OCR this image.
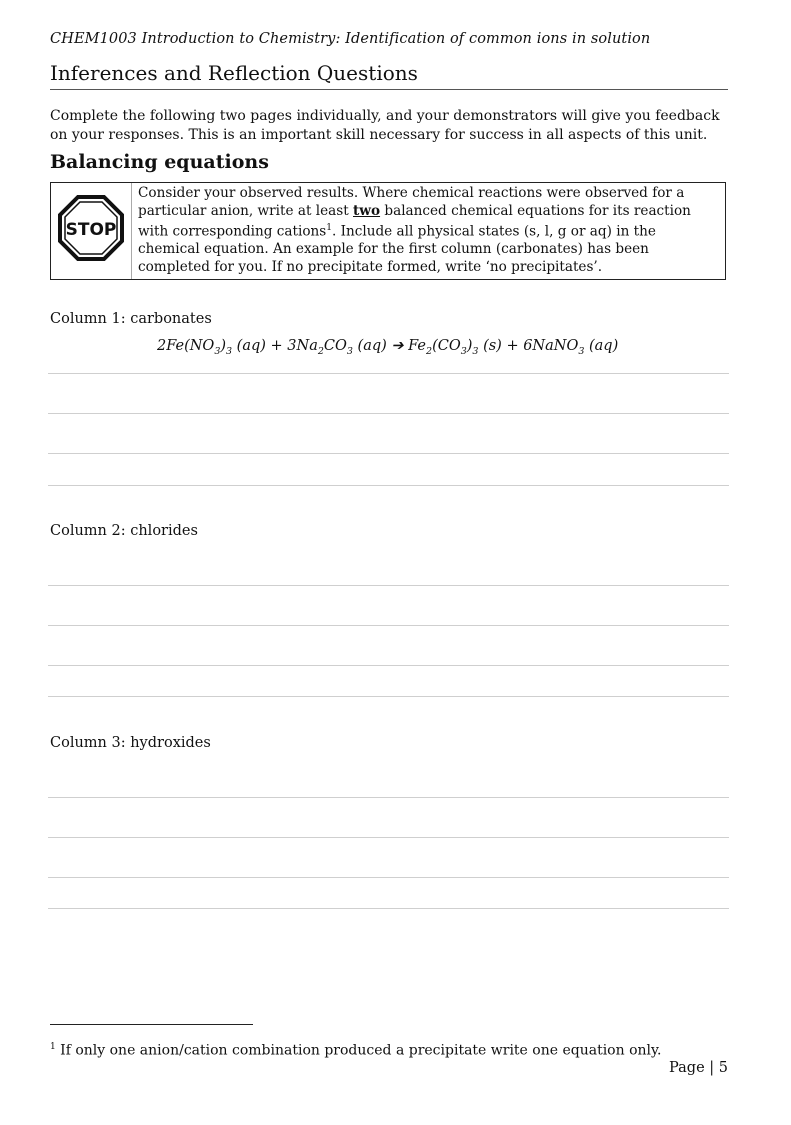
CHEM1003 Introduction to Chemistry: Identification of common ions in solution
Inferences and Reflection Questions
Complete the following two pages individually, and your demonstrators will give you feedback
on your responses. This is an important skill necessary for success in all aspects of this unit.
Balancing equations
STOP
Consider your observed results. Where chemical reactions were observed for a particular anion, write at least two balanced chemical equations for its reaction with corresponding cations$^1$. Include all physical states (s, l, g or aq) in the chemical equation. An example for the first column (carbonates) has been completed for you. If no precipitate formed, write ‘no precipitates’.
Column 1: carbonates
$2Fe(NO_3)_3$ $(aq) + 3Na_2CO_3$ (aq) ➔ $Fe_2(CO_3)_3$ (s) + 6NaNO$_3$ (aq)
Column 2: chlorides
Column 3: hydroxides
$^1$ If only one anion/cation combination produced a precipitate write one equation only.
Page | 5
